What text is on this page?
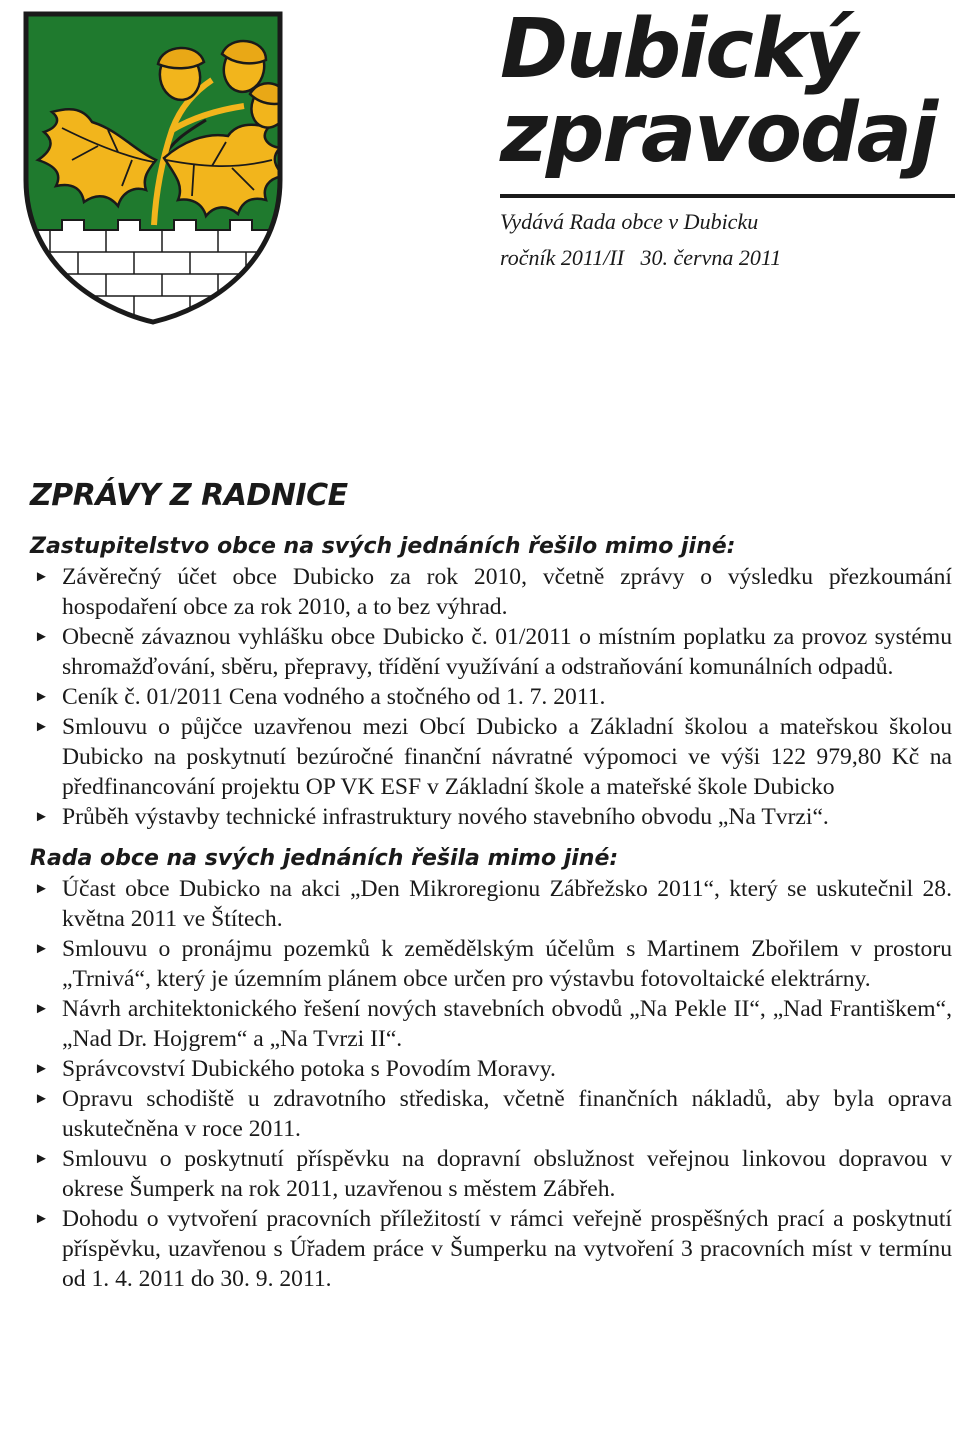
Dubický
zpravodaj
Vydává Rada obce v Dubicku
ročník 2011/II   30. června 2011
ZPRÁVY Z RADNICE
Zastupitelstvo obce na svých jednáních řešilo mimo jiné:
► Závěrečný účet obce Dubicko za rok 2010, včetně zprávy o výsledku přezkoumání hospodaření obce za rok 2010, a to bez výhrad.
► Obecně závaznou vyhlášku obce Dubicko č. 01/2011 o místním poplatku za provoz systému shromažďování, sběru, přepravy, třídění využívání a odstraňování komunálních odpadů.
► Ceník č. 01/2011 Cena vodného a stočného od 1. 7. 2011.
► Smlouvu o půjčce uzavřenou mezi Obcí Dubicko a Základní školou a mateřskou školou Dubicko na poskytnutí bezúročné finanční návratné výpomoci ve výši 122 979,80 Kč na předfinancování projektu OP VK ESF v Základní škole a mateřské škole Dubicko
► Průběh výstavby technické infrastruktury nového stavebního obvodu „Na Tvrzi“.
Rada obce na svých jednáních řešila mimo jiné:
► Účast obce Dubicko na akci „Den Mikroregionu Zábřežsko 2011“, který se uskutečnil 28. května 2011 ve Štítech.
► Smlouvu o pronájmu pozemků k zemědělským účelům s Martinem Zbořilem v prostoru „Trnivá“, který je územním plánem obce určen pro výstavbu fotovoltaické elektrárny.
► Návrh architektonického řešení nových stavebních obvodů „Na Pekle II“, „Nad Františkem“, „Nad Dr. Hojgrem“ a „Na Tvrzi II“.
► Správcovství Dubického potoka s Povodím Moravy.
► Opravu schodiště u zdravotního střediska, včetně finančních nákladů, aby byla oprava uskutečněna v roce 2011.
► Smlouvu o poskytnutí příspěvku na dopravní obslužnost veřejnou linkovou dopravou v okrese Šumperk na rok 2011, uzavřenou s městem Zábřeh.
► Dohodu o vytvoření pracovních příležitostí v rámci veřejně prospěšných prací a poskytnutí příspěvku, uzavřenou s Úřadem práce v Šumperku na vytvoření 3 pracovních míst v termínu od 1. 4. 2011 do 30. 9. 2011.
